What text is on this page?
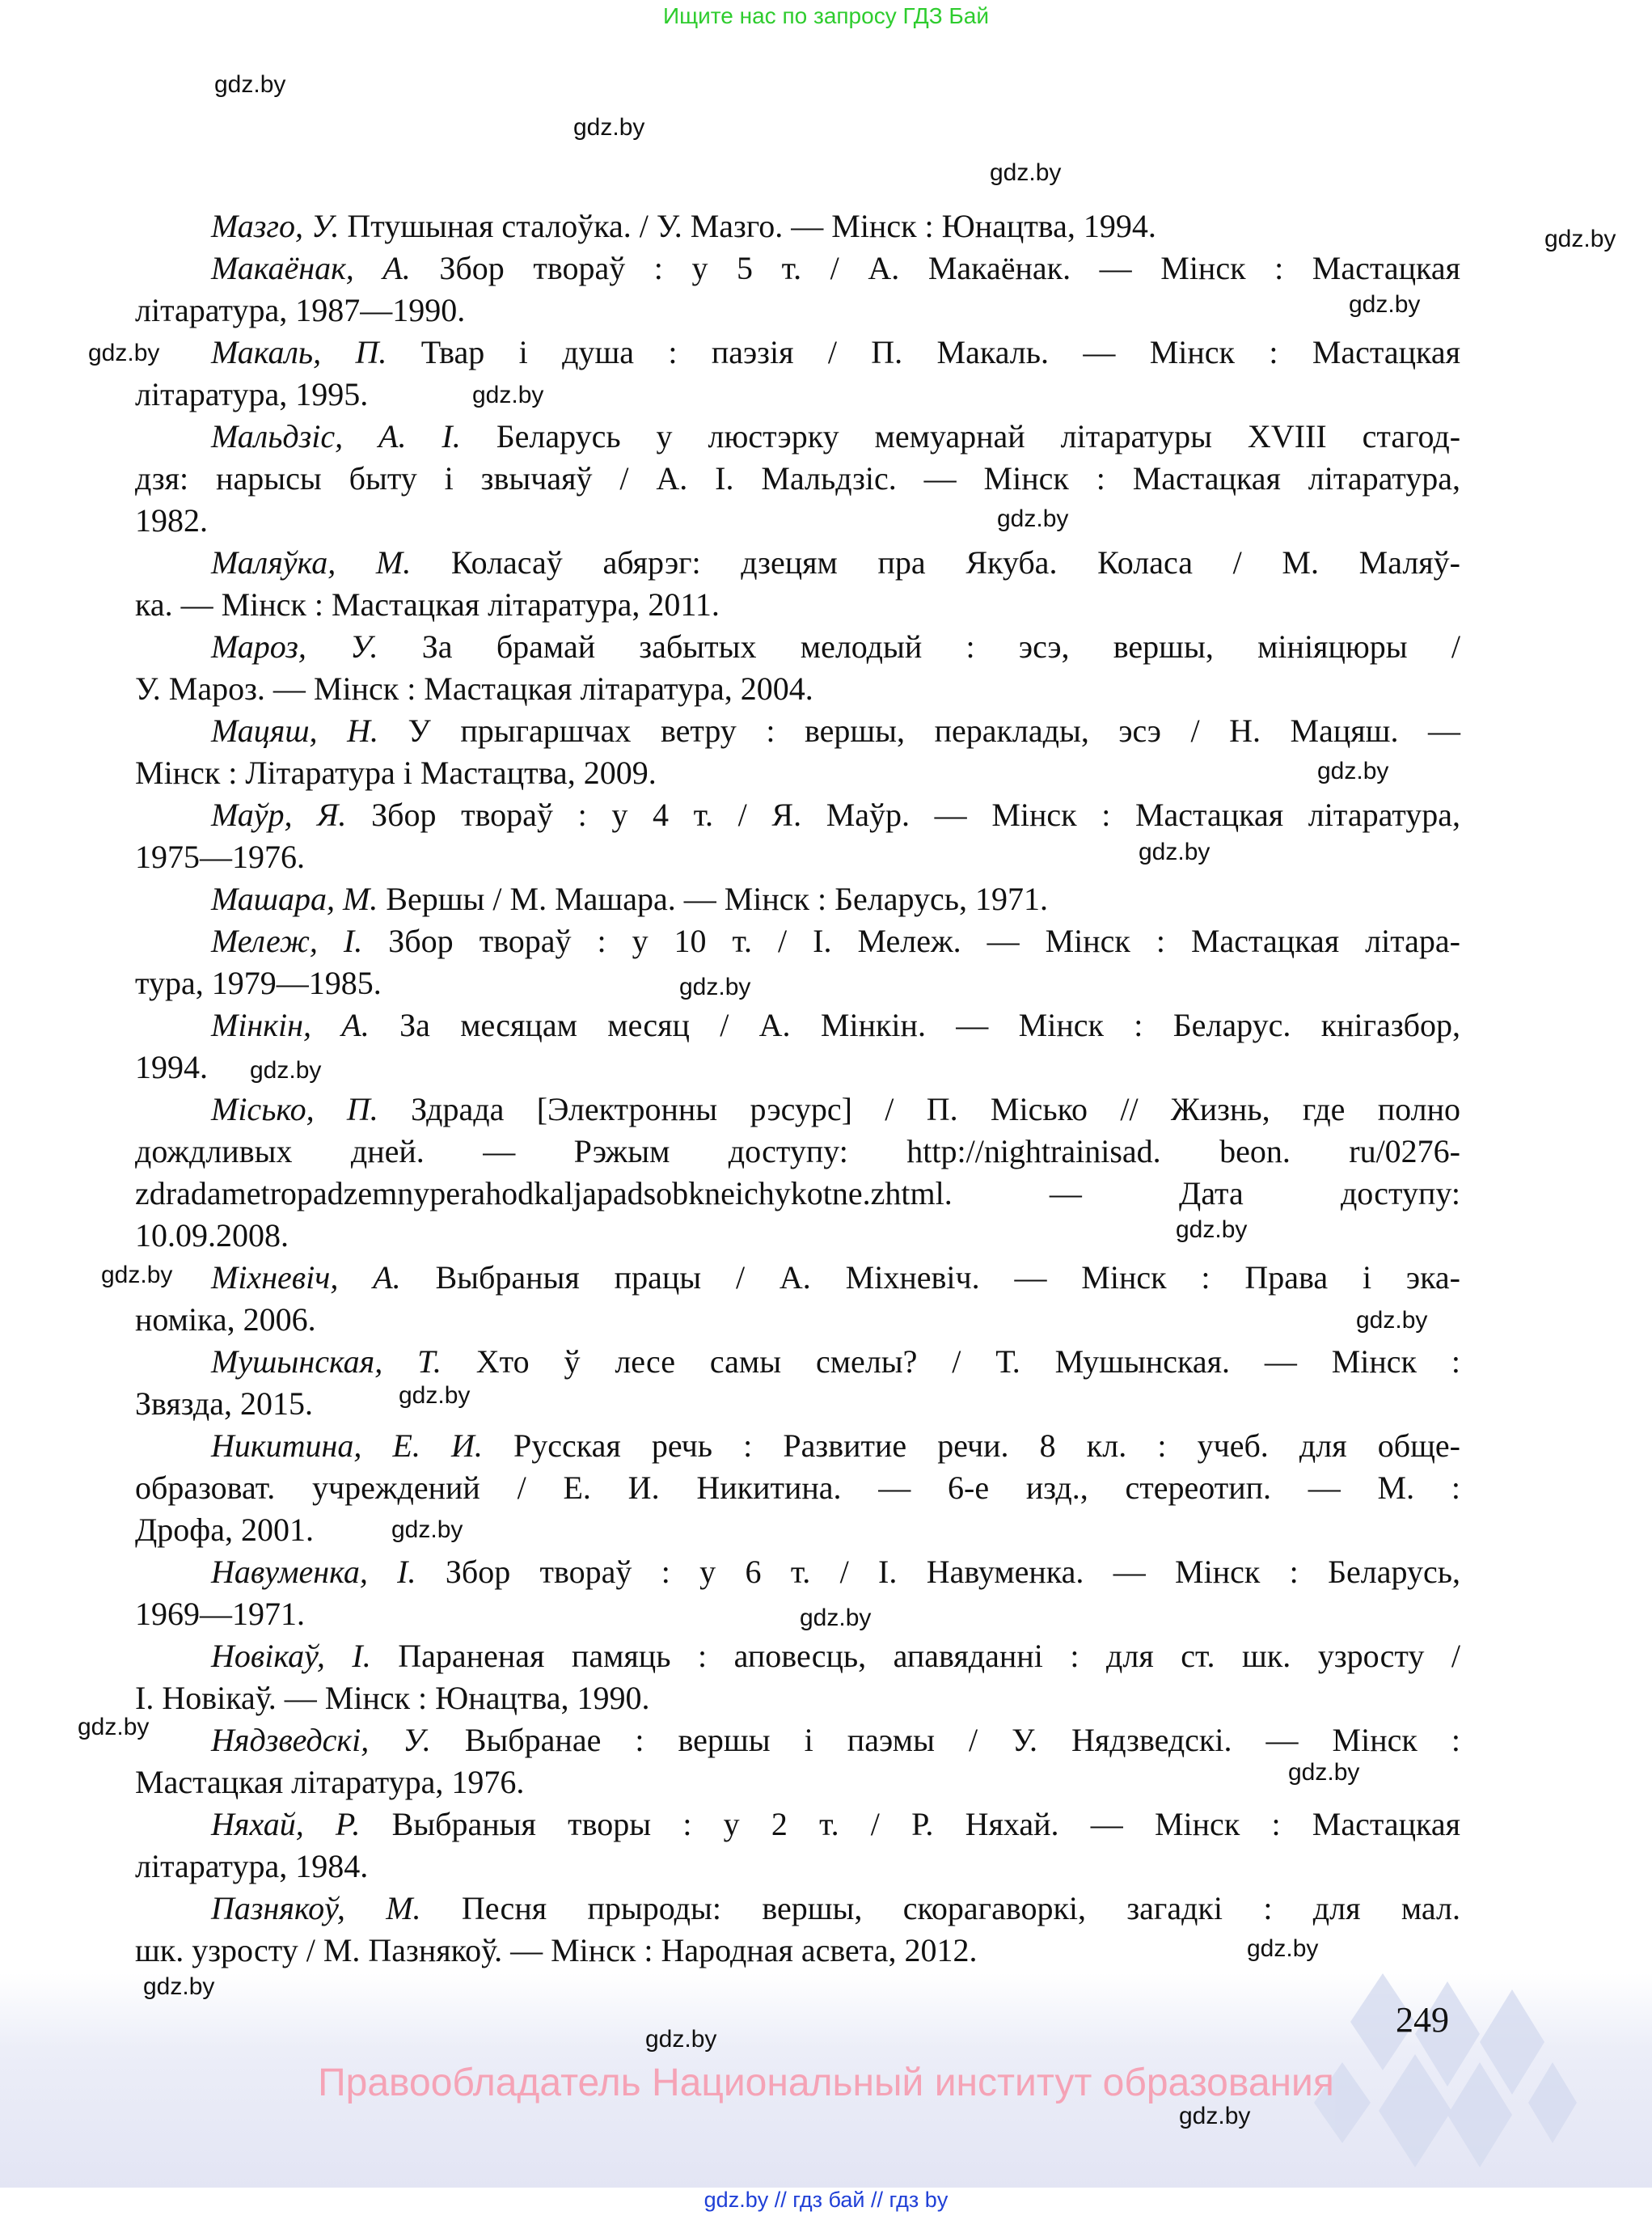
Ищите нас по запросу ГДЗ Бай
Мазго, У. Птушыная сталоўка. / У. Мазго. — Мінск : Юнацтва, 1994.
Макаёнак, А. Збор твораў : у 5 т. / А. Макаёнак. — Мінск : Мастацкая
літаратура, 1987—1990.
Макаль, П. Твар і душа : паэзія / П. Макаль. — Мінск : Мастацкая
літаратура, 1995.
Мальдзіс, А. І. Беларусь у люстэрку мемуарнай літаратуры XVIII стагод-
дзя: нарысы быту і звычаяў / А. І. Мальдзіс. — Мінск : Мастацкая літаратура,
1982.
Маляўка, М. Коласаў абярэг: дзецям пра Якуба. Коласа / М. Маляў-
ка. — Мінск : Мастацкая літаратура, 2011.
Мароз, У. За брамай забытых мелодый : эсэ, вершы, мініяцюры /
У. Мароз. — Мінск : Мастацкая літаратура, 2004.
Мацяш, Н. У прыгаршчах ветру : вершы, пераклады, эсэ / Н. Мацяш. —
Мінск : Літаратура і Мастацтва, 2009.
Маўр, Я. Збор твораў : у 4 т. / Я. Маўр. — Мінск : Мастацкая літаратура,
1975—1976.
Машара, М. Вершы / М. Машара. — Мінск : Беларусь, 1971.
Мележ, І. Збор твораў : у 10 т. / І. Мележ. — Мінск : Мастацкая літара-
тура, 1979—1985.
Мінкін, А. За месяцам месяц / А. Мінкін. — Мінск : Беларус. кнігазбор,
1994.
Місько, П. Здрада [Электронны рэсурс] / П. Місько // Жизнь, где полно
дождливых дней. — Рэжым доступу: http://nightrainisad. beon. ru/0276-
zdradametropadzemnyperahodkaljapadsobkneichykotne.zhtml. — Дата доступу:
10.09.2008.
Міхневіч, А. Выбраныя працы / А. Міхневіч. — Мінск : Права і эка-
номіка, 2006.
Мушынская, Т. Хто ў лесе самы смелы? / Т. Мушынская. — Мінск :
Звязда, 2015.
Никитина, Е. И. Русская речь : Развитие речи. 8 кл. : учеб. для обще-
образоват. учреждений / Е. И. Никитина. — 6-е изд., стереотип. — М. :
Дрофа, 2001.
Навуменка, І. Збор твораў : у 6 т. / І. Навуменка. — Мінск : Беларусь,
1969—1971.
Новікаў, І. Параненая памяць : аповесць, апавяданні : для ст. шк. узросту /
І. Новікаў. — Мінск : Юнацтва, 1990.
Нядзведскі, У. Выбранае : вершы і паэмы / У. Нядзведскі. — Мінск :
Мастацкая літаратура, 1976.
Няхай, Р. Выбраныя творы : у 2 т. / Р. Няхай. — Мінск : Мастацкая
літаратура, 1984.
Пазнякоў, М. Песня прыроды: вершы, скорагаворкі, загадкі : для мал.
шк. узросту / М. Пазнякоў. — Мінск : Народная асвета, 2012.
gdz.by
gdz.by
gdz.by
gdz.by
gdz.by
gdz.by
gdz.by
gdz.by
gdz.by
gdz.by
gdz.by
gdz.by
gdz.by
gdz.by
gdz.by
gdz.by
gdz.by
gdz.by
gdz.by
gdz.by
gdz.by
gdz.by
gdz.by
gdz.by
249
Правообладатель Национальный институт образования
gdz.by // гдз бай // гдз by
